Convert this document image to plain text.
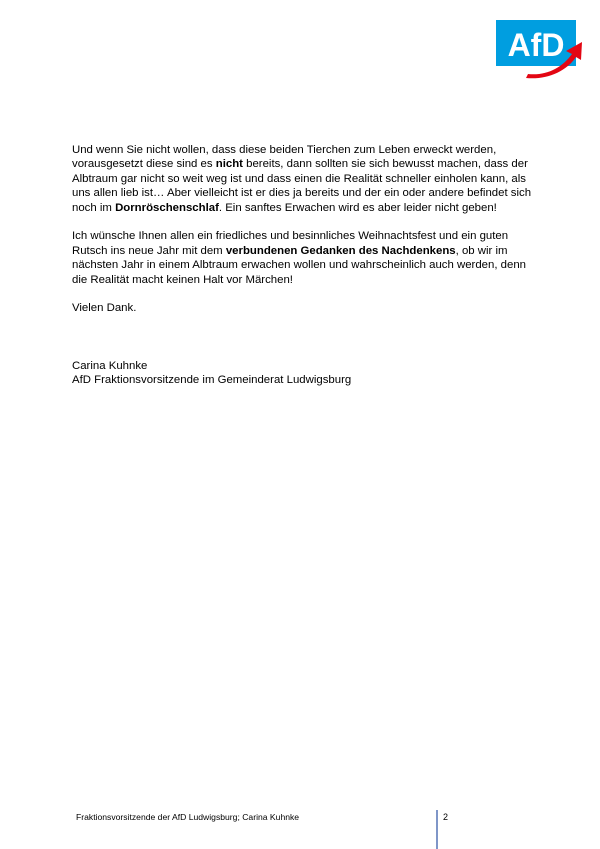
AfD

Und wenn Sie nicht wollen, dass diese beiden Tierchen zum Leben erweckt werden, vorausgesetzt diese sind es nicht bereits, dann sollten sie sich bewusst machen, dass der Albtraum gar nicht so weit weg ist und dass einen die Realität schneller einholen kann, als uns allen lieb ist… Aber vielleicht ist er dies ja bereits und der ein oder andere befindet sich noch im Dornröschenschlaf. Ein sanftes Erwachen wird es aber leider nicht geben!

Ich wünsche Ihnen allen ein friedliches und besinnliches Weihnachtsfest und ein guten Rutsch ins neue Jahr mit dem verbundenen Gedanken des Nachdenkens, ob wir im nächsten Jahr in einem Albtraum erwachen wollen und wahrscheinlich auch werden, denn die Realität macht keinen Halt vor Märchen!

Vielen Dank.

Carina Kuhnke
AfD Fraktionsvorsitzende im Gemeinderat Ludwigsburg
Fraktionsvorsitzende der AfD Ludwigsburg; Carina Kuhnke	2
